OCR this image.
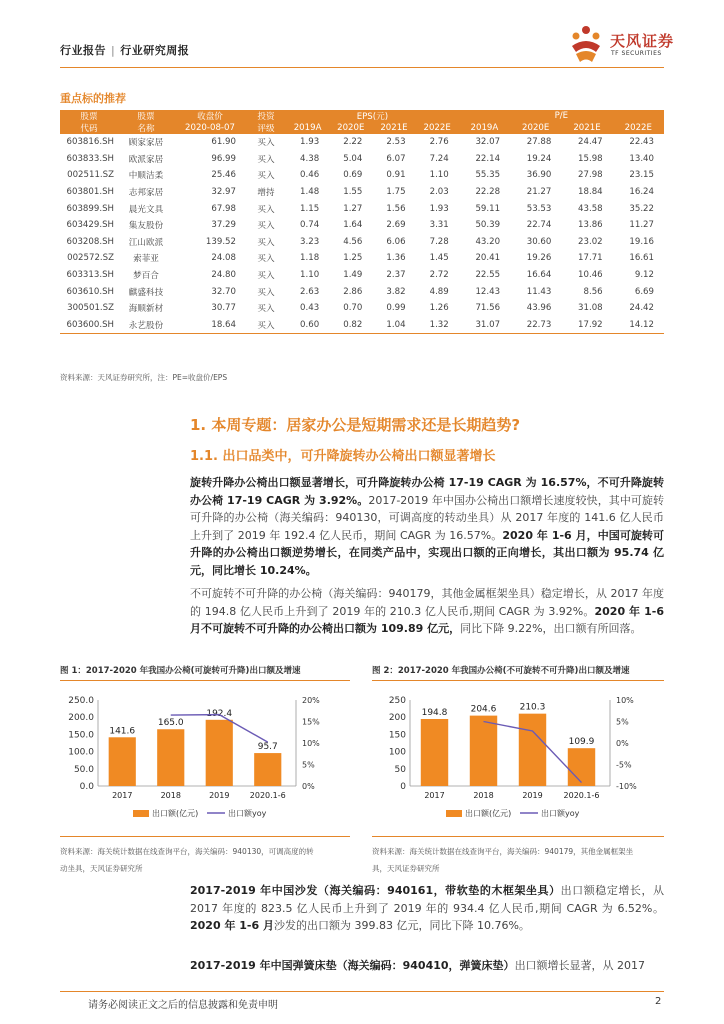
行业报告 | 行业研究周报
天风证券
TF SECURITIES
重点标的推荐
股票	股票	收盘价	投资	EPS(元)				P/E			
代码	名称	2020-08-07	评级	2019A	2020E	2021E	2022E	2019A	2020E	2021E	2022E
603816.SH	顾家家居	61.90	买入	1.93	2.22	2.53	2.76	32.07	27.88	24.47	22.43
603833.SH	欧派家居	96.99	买入	4.38	5.04	6.07	7.24	22.14	19.24	15.98	13.40
002511.SZ	中顺洁柔	25.46	买入	0.46	0.69	0.91	1.10	55.35	36.90	27.98	23.15
603801.SH	志邦家居	32.97	增持	1.48	1.55	1.75	2.03	22.28	21.27	18.84	16.24
603899.SH	晨光文具	67.98	买入	1.15	1.27	1.56	1.93	59.11	53.53	43.58	35.22
603429.SH	集友股份	37.29	买入	0.74	1.64	2.69	3.31	50.39	22.74	13.86	11.27
603208.SH	江山欧派	139.52	买入	3.23	4.56	6.06	7.28	43.20	30.60	23.02	19.16
002572.SZ	索菲亚	24.08	买入	1.18	1.25	1.36	1.45	20.41	19.26	17.71	16.61
603313.SH	梦百合	24.80	买入	1.10	1.49	2.37	2.72	22.55	16.64	10.46	9.12
603610.SH	麒盛科技	32.70	买入	2.63	2.86	3.82	4.89	12.43	11.43	8.56	6.69
300501.SZ	海顺新材	30.77	买入	0.43	0.70	0.99	1.26	71.56	43.96	31.08	24.42
603600.SH	永艺股份	18.64	买入	0.60	0.82	1.04	1.32	31.07	22.73	17.92	14.12
资料来源：天风证券研究所，注：PE=收盘价/EPS
1. 本周专题：居家办公是短期需求还是长期趋势?
1.1. 出口品类中，可升降旋转办公椅出口额显著增长
旋转升降办公椅出口额显著增长，可升降旋转办公椅 17-19 CAGR 为 16.57%，不可升降旋转办公椅 17-19 CAGR 为 3.92%。2017-2019 年中国办公椅出口额增长速度较快，其中可旋转可升降的办公椅（海关编码：940130，可调高度的转动坐具）从 2017 年度的 141.6 亿人民币上升到了 2019 年 192.4 亿人民币，期间 CAGR 为 16.57%。2020 年 1-6 月，中国可旋转可升降的办公椅出口额逆势增长，在同类产品中，实现出口额的正向增长，其出口额为 95.74 亿元，同比增长 10.24%。
不可旋转不可升降的办公椅（海关编码：940179，其他金属框架坐具）稳定增长，从 2017 年度的 194.8 亿人民币上升到了 2019 年的 210.3 亿人民币,期间 CAGR 为 3.92%。2020 年 1-6 月不可旋转不可升降的办公椅出口额为 109.89 亿元，同比下降 9.22%，出口额有所回落。
图 1：2017-2020 年我国办公椅(可旋转可升降)出口额及增速
0.0
50.0
100.0
150.0
200.0
250.0
0%
5%
10%
15%
20%
141.6
2017
165.0
2018
192.4
2019
95.7
2020.1-6
出口额(亿元)	出口额yoy
资料来源：海关统计数据在线查询平台，海关编码：940130，可调高度的转
动坐具，天风证券研究所
图 2：2017-2020 年我国办公椅(不可旋转不可升降)出口额及增速
0
50
100
150
200
250
-10%
-5%
0%
5%
10%
194.8
2017
204.6
2018
210.3
2019
109.9
2020.1-6
出口额(亿元)	出口额yoy
资料来源：海关统计数据在线查询平台，海关编码：940179，其他金属框架坐
具，天风证券研究所
2017-2019 年中国沙发（海关编码：940161，带软垫的木框架坐具）出口额稳定增长，从 2017 年度的 823.5 亿人民币上升到了 2019 年的 934.4 亿人民币,期间 CAGR 为 6.52%。2020 年 1-6 月沙发的出口额为 399.83 亿元，同比下降 10.76%。
2017-2019 年中国弹簧床垫（海关编码：940410，弹簧床垫）出口额增长显著，从 2017
请务必阅读正文之后的信息披露和免责申明	2
